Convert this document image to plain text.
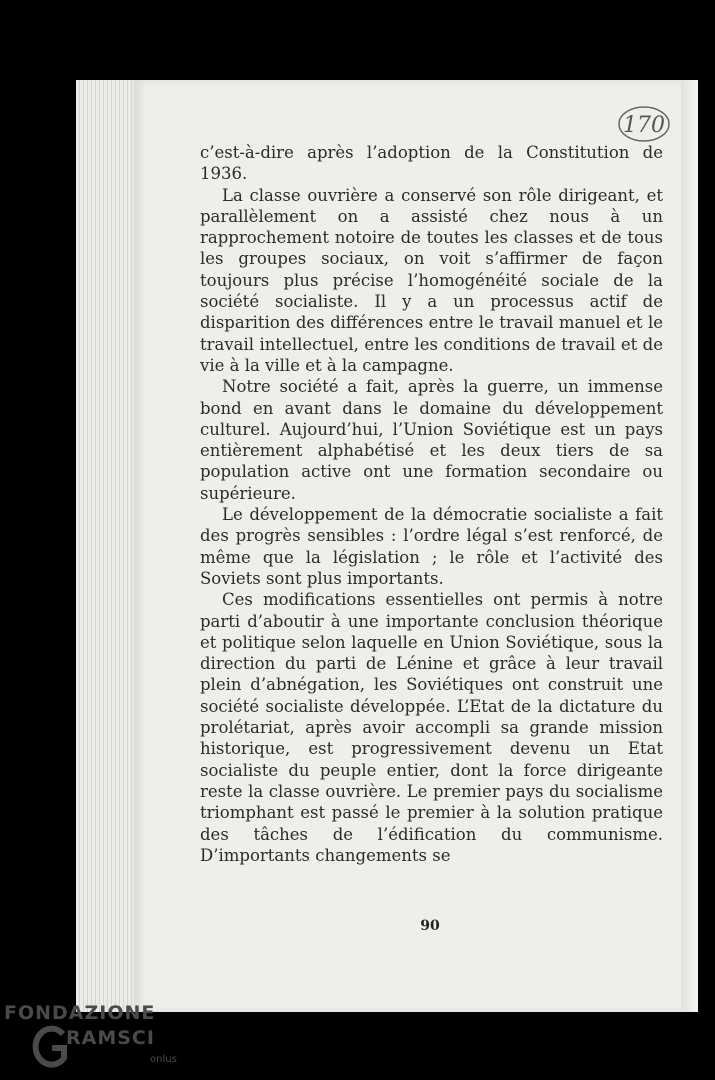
170

c’est-à-dire après l’adoption de la Constitution de 1936.

La classe ouvrière a conservé son rôle dirigeant, et parallèlement on a assisté chez nous à un rapprochement notoire de toutes les classes et de tous les groupes sociaux, on voit s’affirmer de façon toujours plus précise l’homogénéité sociale de la société socialiste. Il y a un processus actif de disparition des différences entre le travail manuel et le travail intellectuel, entre les conditions de travail et de vie à la ville et à la campagne.

Notre société a fait, après la guerre, un immense bond en avant dans le domaine du développement culturel. Aujourd’hui, l’Union Soviétique est un pays entièrement alphabétisé et les deux tiers de sa population active ont une formation secondaire ou supérieure.

Le développement de la démocratie socialiste a fait des progrès sensibles : l’ordre légal s’est renforcé, de même que la législation ; le rôle et l’activité des Soviets sont plus importants.

Ces modifications essentielles ont permis à notre parti d’aboutir à une importante conclusion théorique et politique selon laquelle en Union Soviétique, sous la direction du parti de Lénine et grâce à leur travail plein d’abnégation, les Soviétiques ont construit une société socialiste développée. L’Etat de la dictature du prolétariat, après avoir accompli sa grande mission historique, est progressivement devenu un Etat socialiste du peuple entier, dont la force dirigeante reste la classe ouvrière. Le premier pays du socialisme triomphant est passé le premier à la solution pratique des tâches de l’édification du communisme. D’importants changements se

90
FONDAZIONE
RAMSCI
onlus
